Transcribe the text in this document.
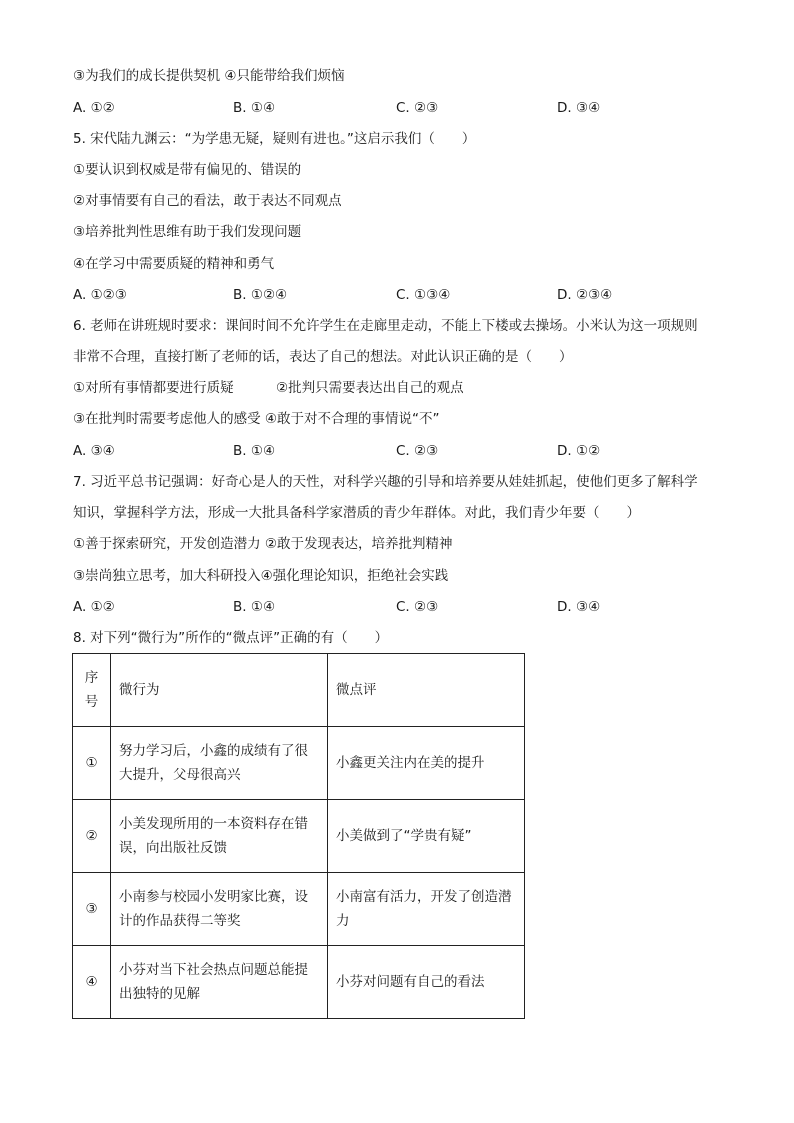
③为我们的成长提供契机 ④只能带给我们烦恼
A. ①②	B. ①④	C. ②③	D. ③④
5. 宋代陆九渊云：“为学患无疑，疑则有进也。”这启示我们（　　）
①要认识到权威是带有偏见的、错误的
②对事情要有自己的看法，敢于表达不同观点
③培养批判性思维有助于我们发现问题
④在学习中需要质疑的精神和勇气
A. ①②③	B. ①②④	C. ①③④	D. ②③④
6. 老师在讲班规时要求：课间时间不允许学生在走廊里走动，不能上下楼或去操场。小米认为这一项规则
非常不合理，直接打断了老师的话，表达了自己的想法。对此认识正确的是（　　）
①对所有事情都要进行质疑	②批判只需要表达出自己的观点
③在批判时需要考虑他人的感受 ④敢于对不合理的事情说“不”
A. ③④	B. ①④	C. ②③	D. ①②
7. 习近平总书记强调：好奇心是人的天性，对科学兴趣的引导和培养要从娃娃抓起，使他们更多了解科学
知识，掌握科学方法，形成一大批具备科学家潜质的青少年群体。对此，我们青少年要（　　）
①善于探索研究，开发创造潜力 ②敢于发现表达，培养批判精神
③崇尚独立思考，加大科研投入④强化理论知识，拒绝社会实践
A. ①②	B. ①④	C. ②③	D. ③④
8. 对下列“微行为”所作的“微点评”正确的有（　　）
序号	微行为	微点评
①	努力学习后，小鑫的成绩有了很大提升，父母很高兴	小鑫更关注内在美的提升
②	小美发现所用的一本资料存在错误，向出版社反馈	小美做到了“学贵有疑”
③	小南参与校园小发明家比赛，设计的作品获得二等奖	小南富有活力，开发了创造潜力
④	小芬对当下社会热点问题总能提出独特的见解	小芬对问题有自己的看法
